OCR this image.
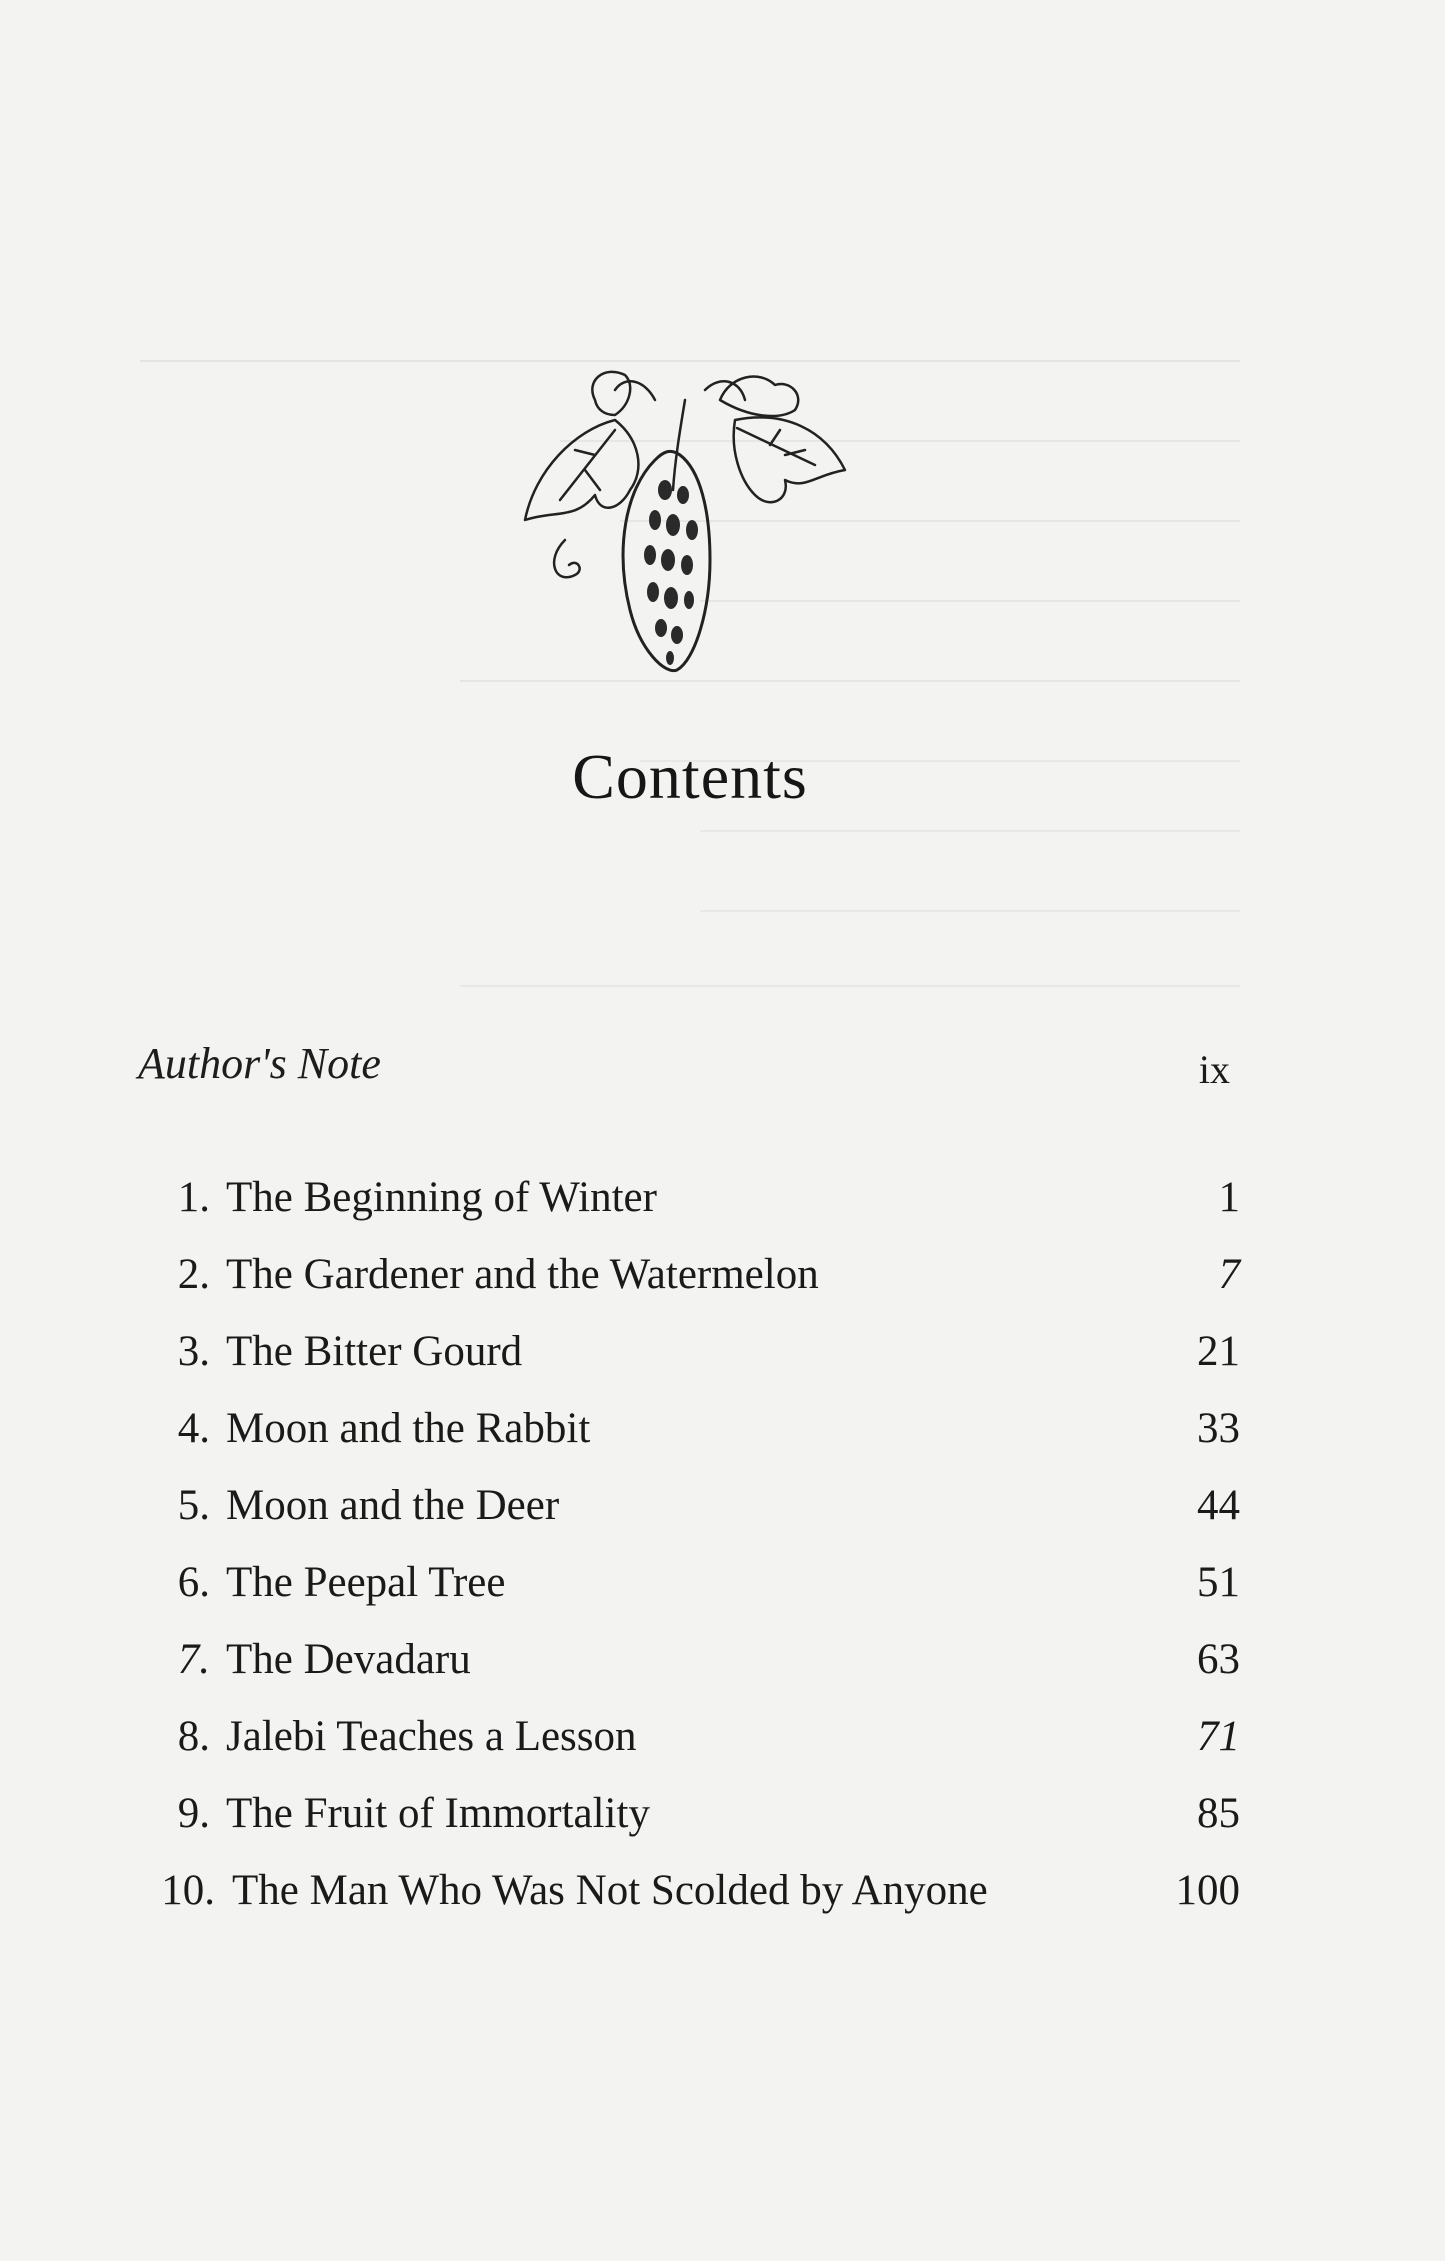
Contents
Author's Note	ix
1. The Beginning of Winter	1
2. The Gardener and the Watermelon	7
3. The Bitter Gourd	21
4. Moon and the Rabbit	33
5. Moon and the Deer	44
6. The Peepal Tree	51
7. The Devadaru	63
8. Jalebi Teaches a Lesson	71
9. The Fruit of Immortality	85
10. The Man Who Was Not Scolded by Anyone	100
